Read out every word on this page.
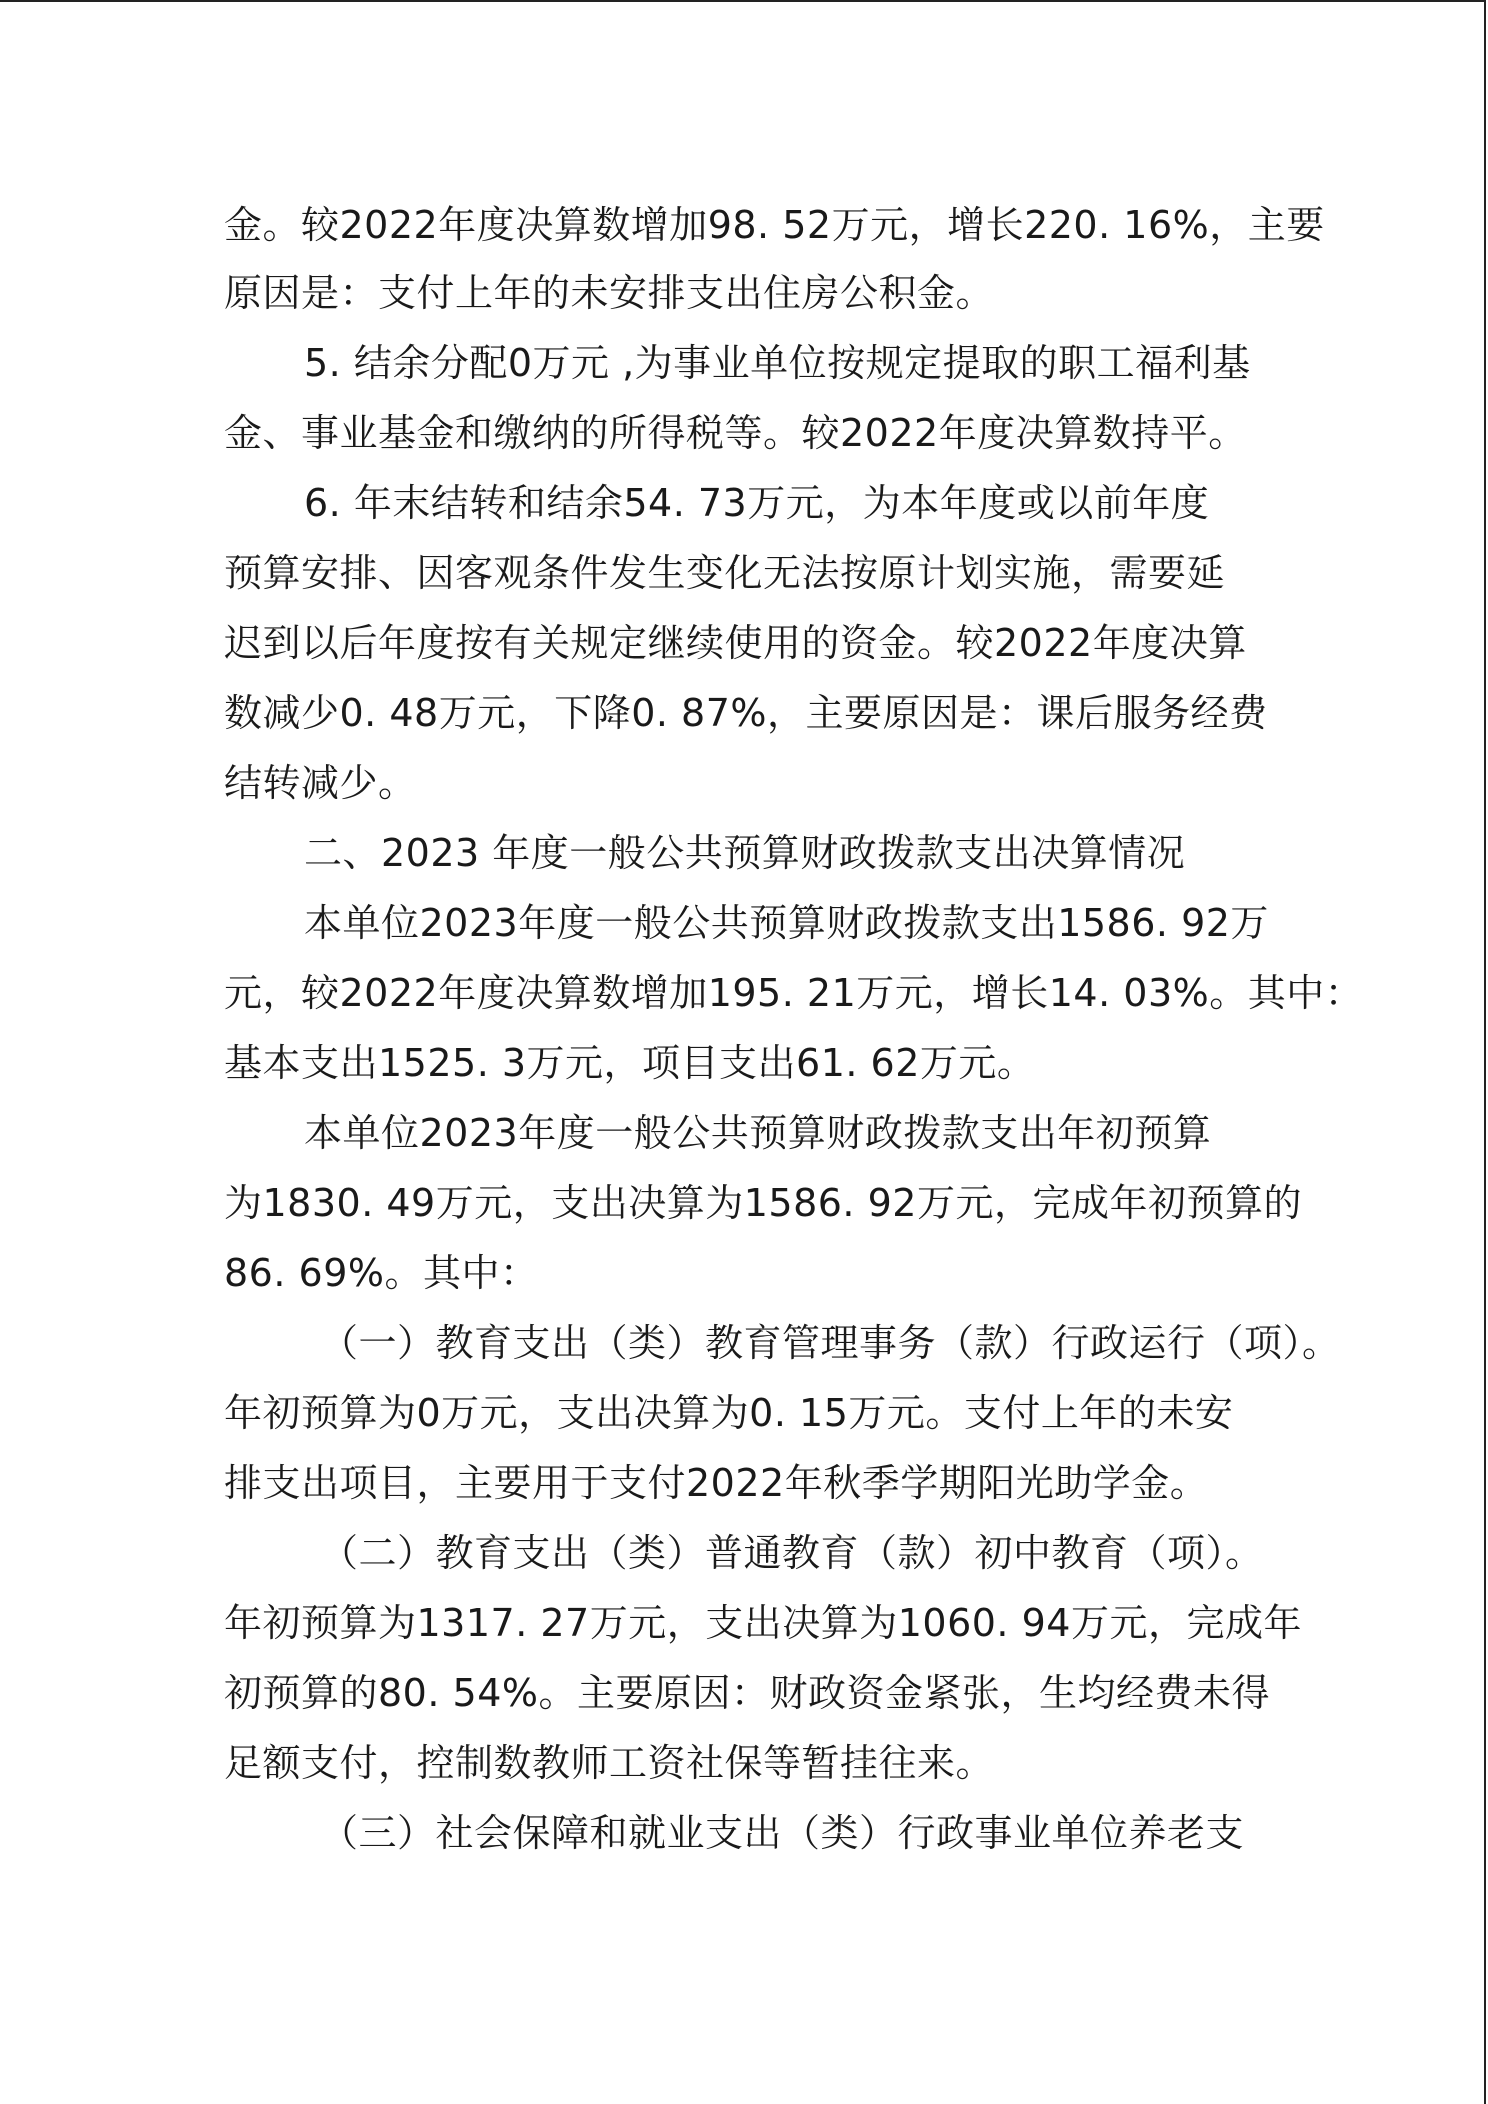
金。较2022年度决算数增加98. 52万元，增长220. 16%，主要
原因是：支付上年的未安排支出住房公积金。
5. 结余分配0万元 ,为事业单位按规定提取的职工福利基
金、事业基金和缴纳的所得税等。较2022年度决算数持平。
6. 年末结转和结余54. 73万元，为本年度或以前年度
预算安排、因客观条件发生变化无法按原计划实施，需要延
迟到以后年度按有关规定继续使用的资金。较2022年度决算
数减少0. 48万元，下降0. 87%，主要原因是：课后服务经费
结转减少。
二、2023 年度一般公共预算财政拨款支出决算情况
本单位2023年度一般公共预算财政拨款支出1586. 92万
元，较2022年度决算数增加195. 21万元，增长14. 03%。其中：
基本支出1525. 3万元，项目支出61. 62万元。
本单位2023年度一般公共预算财政拨款支出年初预算
为1830. 49万元，支出决算为1586. 92万元，完成年初预算的
86. 69%。其中：
（一）教育支出（类）教育管理事务（款）行政运行（项）。
年初预算为0万元，支出决算为0. 15万元。支付上年的未安
排支出项目，主要用于支付2022年秋季学期阳光助学金。
（二）教育支出（类）普通教育（款）初中教育（项）。
年初预算为1317. 27万元，支出决算为1060. 94万元，完成年
初预算的80. 54%。主要原因：财政资金紧张，生均经费未得
足额支付，控制数教师工资社保等暂挂往来。
（三）社会保障和就业支出（类）行政事业单位养老支
